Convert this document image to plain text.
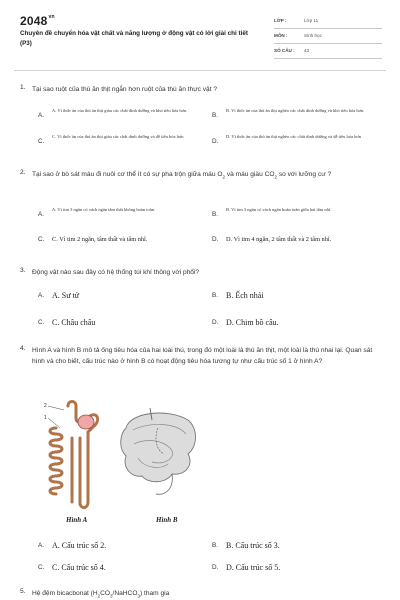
$2048^{vn}$
Chuyên đề chuyển hóa vật chất và năng lượng ở động vật có lời giải chi tiết (P3)
LỚP :	Lớp 11
MÔN :	Sinh học
SỐ CÂU : 43
1. Tại sao ruột của thú ăn thịt ngắn hơn ruột của thú ăn thực vật ?
A.
A. Vì thức ăn của thú ăn thịt giàu các chất dinh dưỡng và khó tiêu hóa hơn.
B.
B. Vì thức ăn của thú ăn thịt nghèo các chất dinh dưỡng và khó tiêu hóa hơn.
C.
C. Vì thức ăn của thú ăn thịt giàu các chất dinh dưỡng và dễ tiêu hóa hơn
D.
D. Vì thức ăn của thú ăn thịt nghèo các chất dinh dưỡng và dễ tiêu hóa hơn
2. Tại sao ở bò sát máu đi nuôi cơ thể ít có sự pha trộn giữa máu $O_2$ và máu giàu $CO_2$ so với lưỡng cư ?
A.
A. Vì tim 3 ngăn có vách ngăn tâm thất không hoàn toàn.
B.
B. Vì tim 3 ngăn có vách ngăn hoàn toàn giữa hai tâm nhĩ.
C. C. Vì tim 2 ngăn, tâm thất và tâm nhĩ.	D. D. Vì tim 4 ngăn, 2 tâm thất và 2 tâm nhĩ.
3. Động vật nào sau đây có hệ thống túi khí thông với phổi?
A. A. Sư tử	B. B. Ếch nhái
C. C. Châu chấu	D. D. Chim bồ câu.
4. Hình A và hình B mô tả ống tiêu hóa của hai loài thú, trong đó một loài là thú ăn thịt, một loài là thú nhai lại. Quan sát hình và cho biết, cấu trúc nào ở hình B có hoạt động tiêu hóa tương tự như cấu trúc số 1 ở hình A?
2
1
Hình A	Hình B
A. A. Cấu trúc số 2.	B. B. Cấu trúc số 3.
C. C. Cấu trúc số 4.	D. D. Cấu trúc số 5.
5. Hệ đệm bicacbonat $(H_2CO_3/NaHCO_3)$ tham gia
